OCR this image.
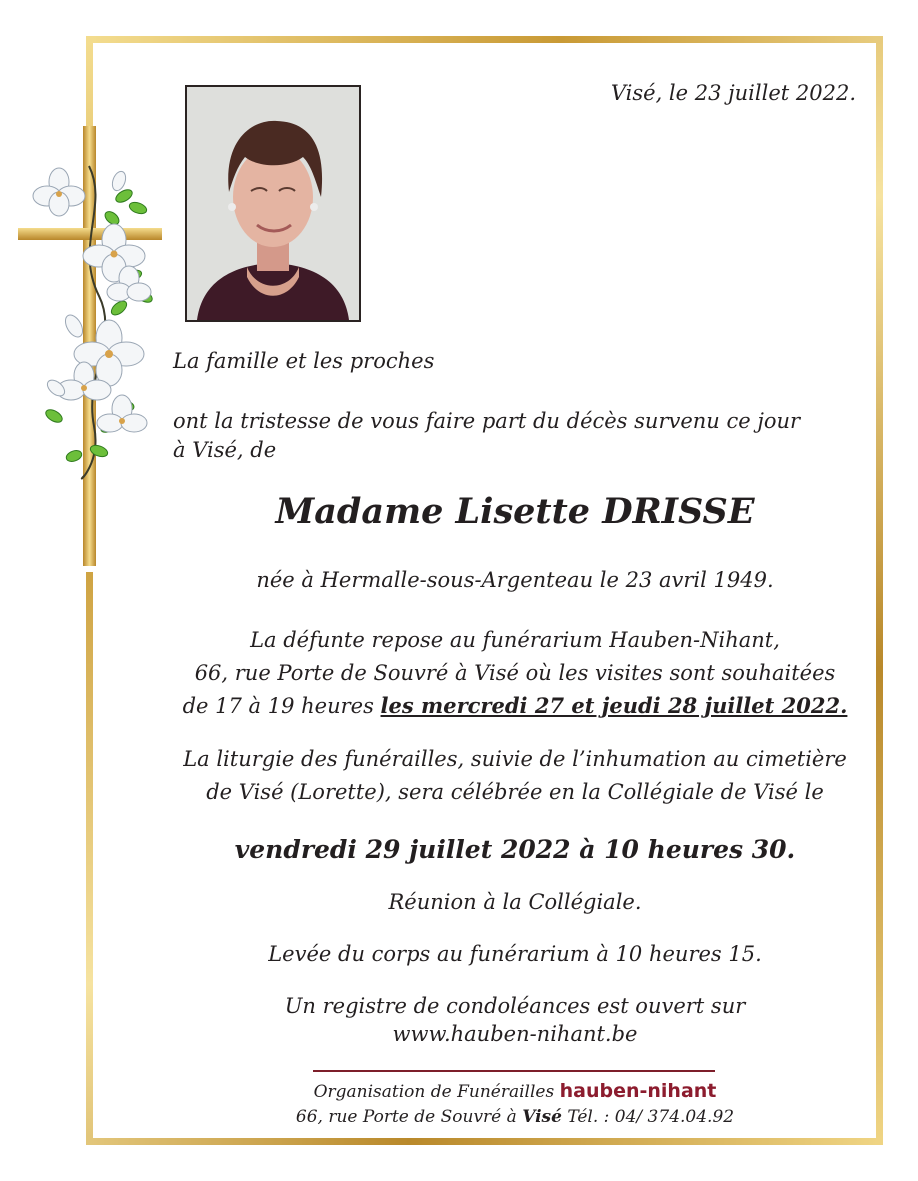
Visé, le 23 juillet 2022.
La famille et les proches
ont la tristesse de vous faire part du décès survenu ce jour
à Visé, de
Madame Lisette DRISSE
née à Hermalle-sous-Argenteau le 23 avril 1949.
La défunte repose au funérarium Hauben-Nihant,
66, rue Porte de Souvré à Visé où les visites sont souhaitées
de 17 à 19 heures les mercredi 27 et jeudi 28 juillet 2022.
La liturgie des funérailles, suivie de l’inhumation au cimetière
de Visé (Lorette), sera célébrée en la Collégiale de Visé le
vendredi 29 juillet 2022 à 10 heures 30.
Réunion à la Collégiale.
Levée du corps au funérarium à 10 heures 15.
Un registre de condoléances est ouvert sur
www.hauben-nihant.be
Organisation de Funérailles hauben-nihant
66, rue Porte de Souvré à Visé Tél. : 04/ 374.04.92
